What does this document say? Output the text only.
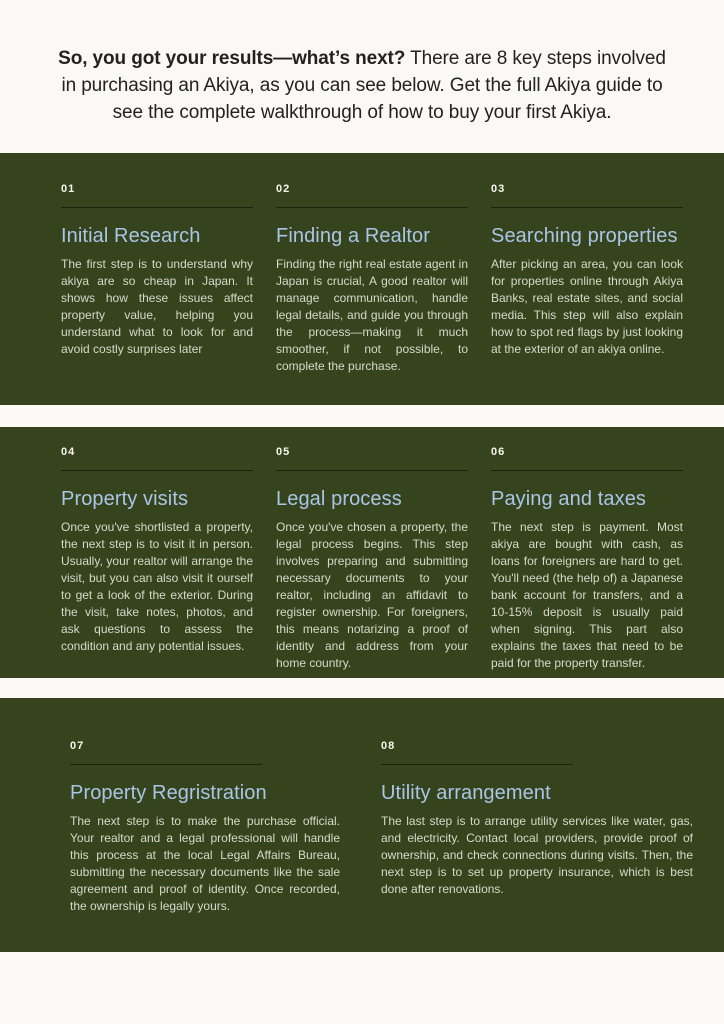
So, you got your results—what’s next? There are 8 key steps involved in purchasing an Akiya, as you can see below. Get the full Akiya guide to see the complete walkthrough of how to buy your first Akiya.

01
Initial Research

The first step is to understand why akiya are so cheap in Japan. It shows how these issues affect property value, helping you understand what to look for and avoid costly surprises later

02
Finding a Realtor

Finding the right real estate agent in Japan is crucial, A good realtor will manage communication, handle legal details, and guide you through the process—making it much smoother, if not possible, to complete the purchase.

03
Searching properties

After picking an area, you can look for properties online through Akiya Banks, real estate sites, and social media. This step will also explain how to spot red flags by just looking at the exterior of an akiya online.

04
Property visits

Once you've shortlisted a property, the next step is to visit it in person. Usually, your realtor will arrange the visit, but you can also visit it ourself to get a look of the exterior. During the visit, take notes, photos, and ask questions to assess the condition and any potential issues.

05
Legal process

Once you've chosen a property, the legal process begins. This step involves preparing and submitting necessary documents to your realtor, including an affidavit to register ownership. For foreigners, this means notarizing a proof of identity and address from your home country.

06
Paying and taxes

The next step is payment. Most akiya are bought with cash, as loans for foreigners are hard to get. You'll need (the help of) a Japanese bank account for transfers, and a 10-15% deposit is usually paid when signing. This part also explains the taxes that need to be paid for the property transfer.

07
Property Regristration

The next step is to make the purchase official. Your realtor and a legal professional will handle this process at the local Legal Affairs Bureau, submitting the necessary documents like the sale agreement and proof of identity. Once recorded, the ownership is legally yours.

08
Utility arrangement

The last step is to arrange utility services like water, gas, and electricity. Contact local providers, provide proof of ownership, and check connections during visits. Then, the next step is to set up property insurance, which is best done after renovations.
